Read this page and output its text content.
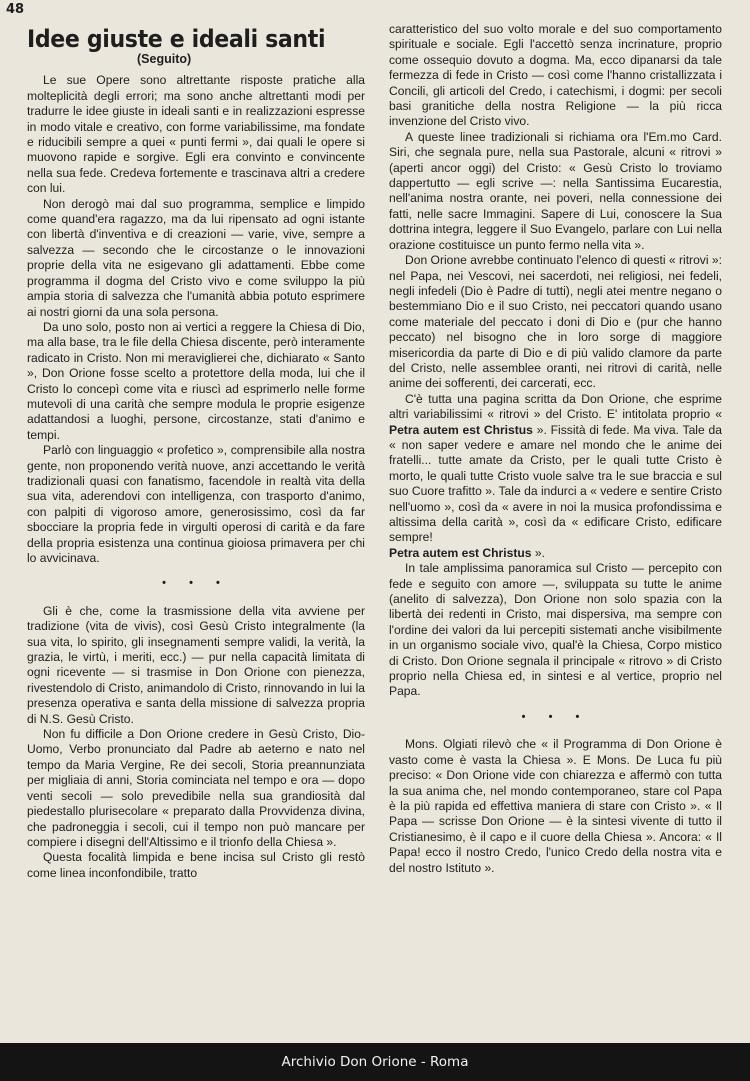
48
Idee giuste e ideali santi
(Seguito)

Le sue Opere sono altrettante risposte pratiche alla molteplicità degli errori; ma sono anche altrettanti modi per tradurre le idee giuste in ideali santi e in realizzazioni espresse in modo vitale e creativo, con forme variabilissime, ma fondate e riducibili sempre a quei « punti fermi », dai quali le opere si muovono rapide e sorgive. Egli era convinto e convincente nella sua fede. Credeva fortemente e trascinava altri a credere con lui.

Non derogò mai dal suo programma, semplice e limpido come quand'era ragazzo, ma da lui ripensato ad ogni istante con libertà d'inventiva e di creazioni — varie, vive, sempre a salvezza — secondo che le circostanze o le innovazioni proprie della vita ne esigevano gli adattamenti. Ebbe come programma il dogma del Cristo vivo e come sviluppo la più ampia storia di salvezza che l'umanità abbia potuto esprimere ai nostri giorni da una sola persona.

Da uno solo, posto non ai vertici a reggere la Chiesa di Dio, ma alla base, tra le file della Chiesa discente, però interamente radicato in Cristo. Non mi meraviglierei che, dichiarato « Santo », Don Orione fosse scelto a protettore della moda, lui che il Cristo lo concepì come vita e riuscì ad esprimerlo nelle forme mutevoli di una carità che sempre modula le proprie esigenze adattandosi a luoghi, persone, circostanze, stati d'animo e tempi.

Parlò con linguaggio « profetico », comprensibile alla nostra gente, non proponendo verità nuove, anzi accettando le verità tradizionali quasi con fanatismo, facendole in realtà vita della sua vita, aderendovi con intelligenza, con trasporto d'animo, con palpiti di vigoroso amore, generosissimo, così da far sbocciare la propria fede in virgulti operosi di carità e da fare della propria esistenza una continua gioiosa primavera per chi lo avvicinava.

• • •

Gli è che, come la trasmissione della vita avviene per tradizione (vita de vivis), così Gesù Cristo integralmente (la sua vita, lo spirito, gli insegnamenti sempre validi, la verità, la grazia, le virtù, i meriti, ecc.) — pur nella capacità limitata di ogni ricevente — si trasmise in Don Orione con pienezza, rivestendolo di Cristo, animandolo di Cristo, rinnovando in lui la presenza operativa e santa della missione di salvezza propria di N.S. Gesù Cristo.

Non fu difficile a Don Orione credere in Gesù Cristo, Dio-Uomo, Verbo pronunciato dal Padre ab aeterno e nato nel tempo da Maria Vergine, Re dei secoli, Storia preannunziata per migliaia di anni, Storia cominciata nel tempo e ora — dopo venti secoli — solo prevedibile nella sua grandiosità dal piedestallo plurisecolare « preparato dalla Provvidenza divina, che padroneggia i secoli, cui il tempo non può mancare per compiere i disegni dell'Altissimo e il trionfo della Chiesa ».

Questa focalità limpida e bene incisa sul Cristo gli restò come linea inconfondibile, tratto

caratteristico del suo volto morale e del suo comportamento spirituale e sociale. Egli l'accettò senza incrinature, proprio come ossequio dovuto a dogma. Ma, ecco dipanarsi da tale fermezza di fede in Cristo — così come l'hanno cristallizzata i Concili, gli articoli del Credo, i catechismi, i dogmi: per secoli basi granitiche della nostra Religione — la più ricca invenzione del Cristo vivo.

A queste linee tradizionali si richiama ora l'Em.mo Card. Siri, che segnala pure, nella sua Pastorale, alcuni « ritrovi » (aperti ancor oggi) del Cristo: « Gesù Cristo lo troviamo dappertutto — egli scrive —: nella Santissima Eucarestia, nell'anima nostra orante, nei poveri, nella connessione dei fatti, nelle sacre Immagini. Sapere di Lui, conoscere la Sua dottrina integra, leggere il Suo Evangelo, parlare con Lui nella orazione costituisce un punto fermo nella vita ».

Don Orione avrebbe continuato l'elenco di questi « ritrovi »: nel Papa, nei Vescovi, nei sacerdoti, nei religiosi, nei fedeli, negli infedeli (Dio è Padre di tutti), negli atei mentre negano o bestemmiano Dio e il suo Cristo, nei peccatori quando usano come materiale del peccato i doni di Dio e (pur che hanno peccato) nel bisogno che in loro sorge di maggiore misericordia da parte di Dio e di più valido clamore da parte del Cristo, nelle assemblee oranti, nei ritrovi di carità, nelle anime dei sofferenti, dei carcerati, ecc.

C'è tutta una pagina scritta da Don Orione, che esprime altri variabilissimi « ritrovi » del Cristo. E' intitolata proprio « Petra autem est Christus ». Fissità di fede. Ma viva. Tale da « non saper vedere e amare nel mondo che le anime dei fratelli... tutte amate da Cristo, per le quali tutte Cristo è morto, le quali tutte Cristo vuole salve tra le sue braccia e sul suo Cuore trafitto ». Tale da indurci a « vedere e sentire Cristo nell'uomo », così da « avere in noi la musica profondissima e altissima della carità », così da « edificare Cristo, edificare sempre!
Petra autem est Christus ».

In tale amplissima panoramica sul Cristo — percepito con fede e seguito con amore —, sviluppata su tutte le anime (anelito di salvezza), Don Orione non solo spazia con la libertà dei redenti in Cristo, mai dispersiva, ma sempre con l'ordine dei valori da lui percepiti sistemati anche visibilmente in un organismo sociale vivo, qual'è la Chiesa, Corpo mistico di Cristo. Don Orione segnala il principale « ritrovo » di Cristo proprio nella Chiesa ed, in sintesi e al vertice, proprio nel Papa.

• • •

Mons. Olgiati rilevò che « il Programma di Don Orione è vasto come è vasta la Chiesa ». E Mons. De Luca fu più preciso: « Don Orione vide con chiarezza e affermò con tutta la sua anima che, nel mondo contemporaneo, stare col Papa è la più rapida ed effettiva maniera di stare con Cristo ». « Il Papa — scrisse Don Orione — è la sintesi vivente di tutto il Cristianesimo, è il capo e il cuore della Chiesa ». Ancora: « Il Papa! ecco il nostro Credo, l'unico Credo della nostra vita e del nostro Istituto ».

Archivio Don Orione - Roma
